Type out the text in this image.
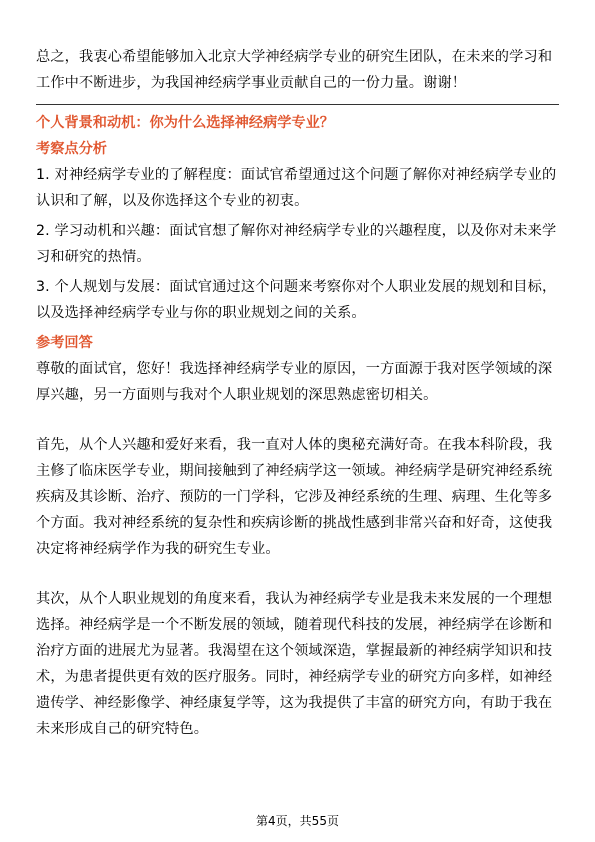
总之，我衷心希望能够加入北京大学神经病学专业的研究生团队，在未来的学习和
工作中不断进步，为我国神经病学事业贡献自己的一份力量。谢谢！

个人背景和动机：你为什么选择神经病学专业？
考察点分析

1. 对神经病学专业的了解程度：面试官希望通过这个问题了解你对神经病学专业的
认识和了解，以及你选择这个专业的初衷。

2. 学习动机和兴趣：面试官想了解你对神经病学专业的兴趣程度，以及你对未来学
习和研究的热情。

3. 个人规划与发展：面试官通过这个问题来考察你对个人职业发展的规划和目标，
以及选择神经病学专业与你的职业规划之间的关系。

参考回答

尊敬的面试官，您好！我选择神经病学专业的原因，一方面源于我对医学领域的深
厚兴趣，另一方面则与我对个人职业规划的深思熟虑密切相关。

首先，从个人兴趣和爱好来看，我一直对人体的奥秘充满好奇。在我本科阶段，我
主修了临床医学专业，期间接触到了神经病学这一领域。神经病学是研究神经系统
疾病及其诊断、治疗、预防的一门学科，它涉及神经系统的生理、病理、生化等多
个方面。我对神经系统的复杂性和疾病诊断的挑战性感到非常兴奋和好奇，这使我
决定将神经病学作为我的研究生专业。

其次，从个人职业规划的角度来看，我认为神经病学专业是我未来发展的一个理想
选择。神经病学是一个不断发展的领域，随着现代科技的发展，神经病学在诊断和
治疗方面的进展尤为显著。我渴望在这个领域深造，掌握最新的神经病学知识和技
术，为患者提供更有效的医疗服务。同时，神经病学专业的研究方向多样，如神经
遗传学、神经影像学、神经康复学等，这为我提供了丰富的研究方向，有助于我在
未来形成自己的研究特色。

第4页，共55页
